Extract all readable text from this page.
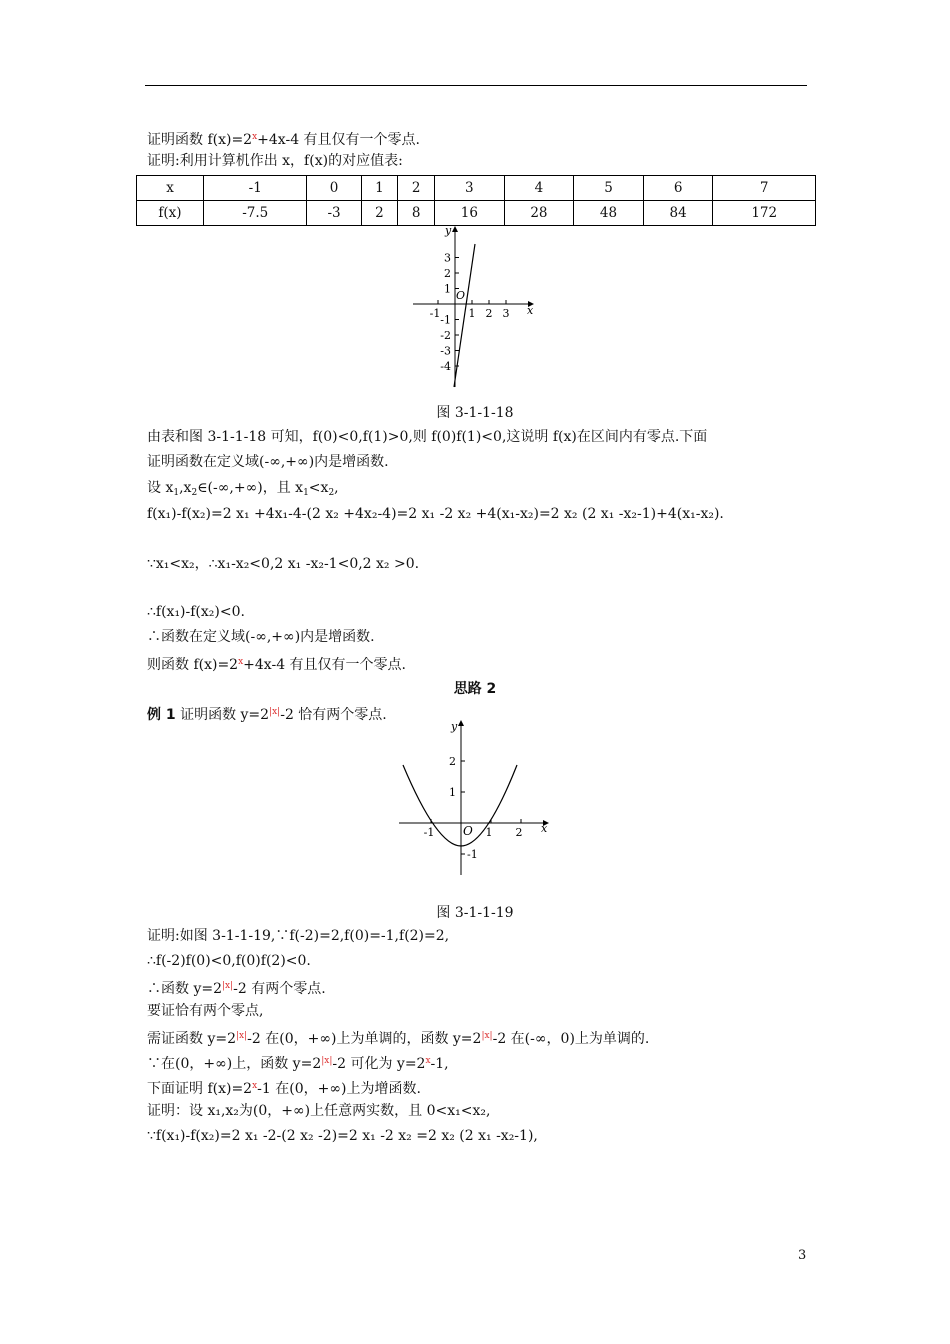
证明函数 $f(x)=2^x+4x-4$ 有且仅有一个零点.
证明:利用计算机作出 x，f(x)的对应值表:
x	-1	0	1	2	3	4	5	6	7
f(x)	-7.5	-3	2	8	16	28	48	84	172
y
x
O
-1	1 2 3
3
2
1
-1
-2
-3
-4
图 3-1-1-18
由表和图 3-1-1-18 可知，f(0)<0,f(1)>0,则 f(0)f(1)<0,这说明 f(x)在区间内有零点.下面
证明函数在定义域(-∞,+∞)内是增函数.
设 $x_1,x_2\in(-\infty,+\infty)$，且 $x_1<x_2$,
f(x₁)-f(x₂)=2 x₁ +4x₁-4-(2 x₂ +4x₂-4)=2 x₁ -2 x₂ +4(x₁-x₂)=2 x₂ (2 x₁ -x₂-1)+4(x₁-x₂).
∵x₁<x₂，∴x₁-x₂<0,2 x₁ -x₂-1<0,2 x₂ >0.
∴f(x₁)-f(x₂)<0.
∴函数在定义域(-∞,+∞)内是增函数.
则函数 $f(x)=2^x+4x-4$ 有且仅有一个零点.
思路 2
例 1 证明函数 $y=2^{|x|}-2$ 恰有两个零点.
y
x
O
-1	1 2
2
1
-1
图 3-1-1-19
证明:如图 3-1-1-19,∵f(-2)=2,f(0)=-1,f(2)=2,
∴f(-2)f(0)<0,f(0)f(2)<0.
∴函数 $y=2^{|x|}-2$ 有两个零点.
要证恰有两个零点,
需证函数 $y=2^{|x|}-2$ 在(0，+∞)上为单调的，函数 $y=2^{|x|}-2$ 在(-∞，0)上为单调的.
∵在(0，+∞)上，函数 $y=2^{|x|}-2$ 可化为 $y=2^x-1$,
下面证明 $f(x)=2^x-1$ 在(0，+∞)上为增函数.
证明：设 x₁,x₂为(0，+∞)上任意两实数，且 0<x₁<x₂,
∵f(x₁)-f(x₂)=2 x₁ -2-(2 x₂ -2)=2 x₁ -2 x₂ =2 x₂ (2 x₁ -x₂-1),
3
